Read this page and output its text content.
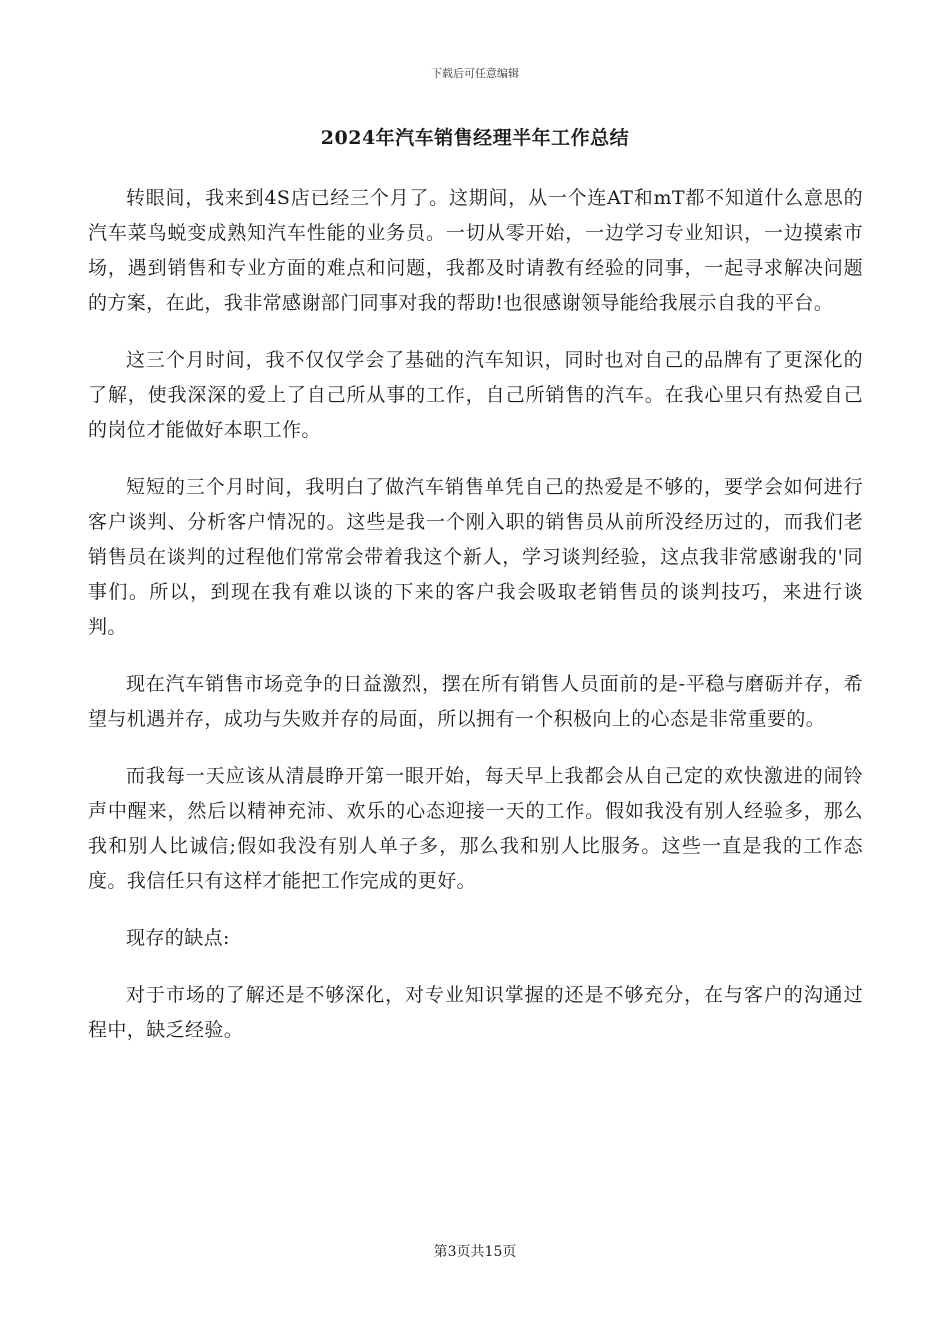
下载后可任意编辑
2024年汽车销售经理半年工作总结

转眼间，我来到4S店已经三个月了。这期间，从一个连AT和mT都不知道什么意思的汽车菜鸟蜕变成熟知汽车性能的业务员。一切从零开始，一边学习专业知识，一边摸索市场，遇到销售和专业方面的难点和问题，我都及时请教有经验的同事，一起寻求解决问题的方案，在此，我非常感谢部门同事对我的帮助!也很感谢领导能给我展示自我的平台。

这三个月时间，我不仅仅学会了基础的汽车知识，同时也对自己的品牌有了更深化的了解，使我深深的爱上了自己所从事的工作，自己所销售的汽车。在我心里只有热爱自己的岗位才能做好本职工作。

短短的三个月时间，我明白了做汽车销售单凭自己的热爱是不够的，要学会如何进行客户谈判、分析客户情况的。这些是我一个刚入职的销售员从前所没经历过的，而我们老销售员在谈判的过程他们常常会带着我这个新人，学习谈判经验，这点我非常感谢我的'同事们。所以，到现在我有难以谈的下来的客户我会吸取老销售员的谈判技巧，来进行谈判。

现在汽车销售市场竞争的日益激烈，摆在所有销售人员面前的是-平稳与磨砺并存，希望与机遇并存，成功与失败并存的局面，所以拥有一个积极向上的心态是非常重要的。

而我每一天应该从清晨睁开第一眼开始，每天早上我都会从自己定的欢快激进的闹铃声中醒来，然后以精神充沛、欢乐的心态迎接一天的工作。假如我没有别人经验多，那么我和别人比诚信;假如我没有别人单子多，那么我和别人比服务。这些一直是我的工作态度。我信任只有这样才能把工作完成的更好。

现存的缺点:

对于市场的了解还是不够深化，对专业知识掌握的还是不够充分，在与客户的沟通过程中，缺乏经验。

第3页共15页
